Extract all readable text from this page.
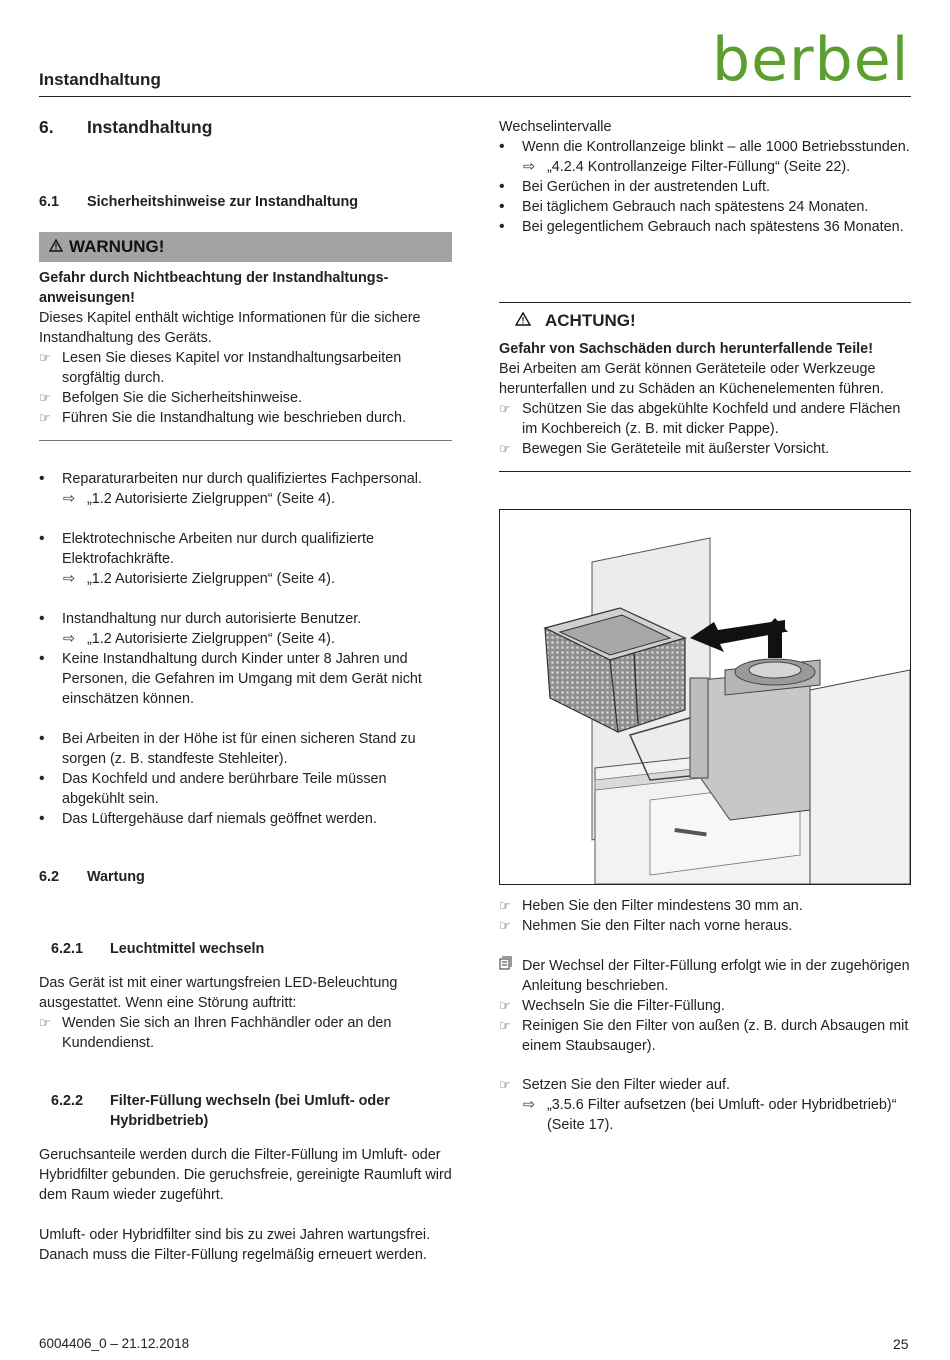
Instandhaltung	berbel
6. Instandhaltung
6.1 Sicherheitshinweise zur Instandhaltung
WARNUNG!

Gefahr durch Nichtbeachtung der Instandhaltungsanweisungen!

Dieses Kapitel enthält wichtige Informationen für die sichere Instandhaltung des Geräts.

☞ Lesen Sie dieses Kapitel vor Instandhaltungsarbeiten sorgfältig durch.
☞ Befolgen Sie die Sicherheitshinweise.
☞ Führen Sie die Instandhaltung wie beschrieben durch.
•	Reparaturarbeiten nur durch qualifiziertes Fachpersonal.
⇨ „1.2 Autorisierte Zielgruppen“ (Seite 4).
•	Elektrotechnische Arbeiten nur durch qualifizierte Elektrofachkräfte.
⇨ „1.2 Autorisierte Zielgruppen“ (Seite 4).
•	Instandhaltung nur durch autorisierte Benutzer.
⇨ „1.2 Autorisierte Zielgruppen“ (Seite 4).
•	Keine Instandhaltung durch Kinder unter 8 Jahren und Personen, die Gefahren im Umgang mit dem Gerät nicht einschätzen können.
•	Bei Arbeiten in der Höhe ist für einen sicheren Stand zu sorgen (z. B. standfeste Stehleiter).
•	Das Kochfeld und andere berührbare Teile müssen abgekühlt sein.
•	Das Lüftergehäuse darf niemals geöffnet werden.
6.2 Wartung
6.2.1 Leuchtmittel wechseln

Das Gerät ist mit einer wartungsfreien LED-Beleuchtung ausgestattet. Wenn eine Störung auftritt:

☞ Wenden Sie sich an Ihren Fachhändler oder an den Kundendienst.
6.2.2 Filter-Füllung wechseln (bei Umluft- oder Hybridbetrieb)

Geruchsanteile werden durch die Filter-Füllung im Umluft- oder Hybridfilter gebunden. Die geruchsfreie, gereinigte Raumluft wird dem Raum wieder zugeführt.

Umluft- oder Hybridfilter sind bis zu zwei Jahren wartungsfrei. Danach muss die Filter-Füllung regelmäßig erneuert werden.

Wechselintervalle

•	Wenn die Kontrollanzeige blinkt – alle 1000 Betriebsstunden.
⇨ „4.2.4 Kontrollanzeige Filter-Füllung“ (Seite 22).
•	Bei Gerüchen in der austretenden Luft.
•	Bei täglichem Gebrauch nach spätestens 24 Monaten.
•	Bei gelegentlichem Gebrauch nach spätestens 36 Monaten.
ACHTUNG!

Gefahr von Sachschäden durch herunterfallende Teile!

Bei Arbeiten am Gerät können Geräteteile oder Werkzeuge herunterfallen und zu Schäden an Küchenelementen führen.

☞ Schützen Sie das abgekühlte Kochfeld und andere Flächen im Kochbereich (z. B. mit dicker Pappe).
☞ Bewegen Sie Geräteteile mit äußerster Vorsicht.
☞ Heben Sie den Filter mindestens 30 mm an.
☞ Nehmen Sie den Filter nach vorne heraus.
Der Wechsel der Filter-Füllung erfolgt wie in der zugehörigen Anleitung beschrieben.
☞ Wechseln Sie die Filter-Füllung.
☞ Reinigen Sie den Filter von außen (z. B. durch Absaugen mit einem Staubsauger).
☞ Setzen Sie den Filter wieder auf.
⇨ „3.5.6 Filter aufsetzen (bei Umluft- oder Hybridbetrieb)“ (Seite 17).
6004406_0 – 21.12.2018	25
